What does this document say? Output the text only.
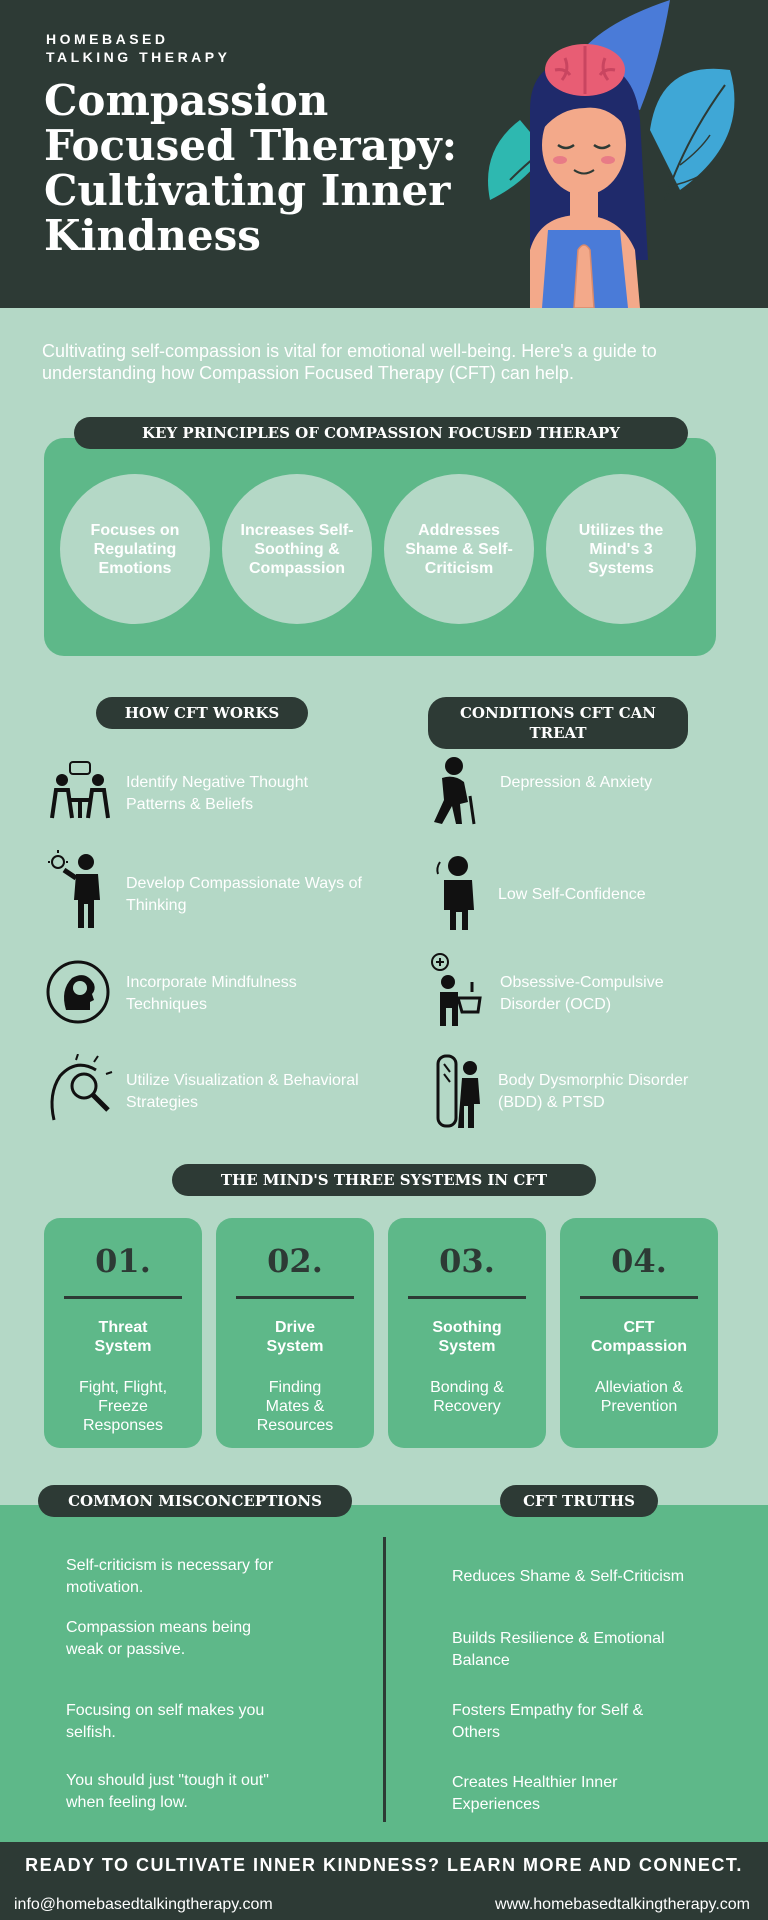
HOMEBASED
TALKING THERAPY
Compassion Focused Therapy: Cultivating Inner Kindness
Cultivating self-compassion is vital for emotional well-being. Here's a guide to understanding how Compassion Focused Therapy (CFT) can help.
Focuses on Regulating Emotions
Increases Self-Soothing & Compassion
Addresses Shame & Self-Criticism
Utilizes the Mind's 3 Systems
KEY PRINCIPLES OF COMPASSION FOCUSED THERAPY
HOW CFT WORKS
Identify Negative Thought Patterns & Beliefs
Develop Compassionate Ways of Thinking
Incorporate Mindfulness Techniques
Utilize Visualization & Behavioral Strategies
CONDITIONS CFT CAN TREAT
Depression & Anxiety
Low Self-Confidence
Obsessive-Compulsive Disorder (OCD)
Body Dysmorphic Disorder (BDD) & PTSD
THE MIND'S THREE SYSTEMS IN CFT
01.
Threat System
Fight, Flight, Freeze Responses
02.
Drive System
Finding Mates & Resources
03.
Soothing System
Bonding & Recovery
04.
CFT Compassion
Alleviation & Prevention
COMMON MISCONCEPTIONS	CFT TRUTHS
Self-criticism is necessary for motivation.
Compassion means being weak or passive.
Focusing on self makes you selfish.
You should just "tough it out" when feeling low.
Reduces Shame & Self-Criticism
Builds Resilience & Emotional Balance
Fosters Empathy for Self & Others
Creates Healthier Inner Experiences
READY TO CULTIVATE INNER KINDNESS? LEARN MORE AND CONNECT.
info@homebasedtalkingtherapy.com	www.homebasedtalkingtherapy.com
